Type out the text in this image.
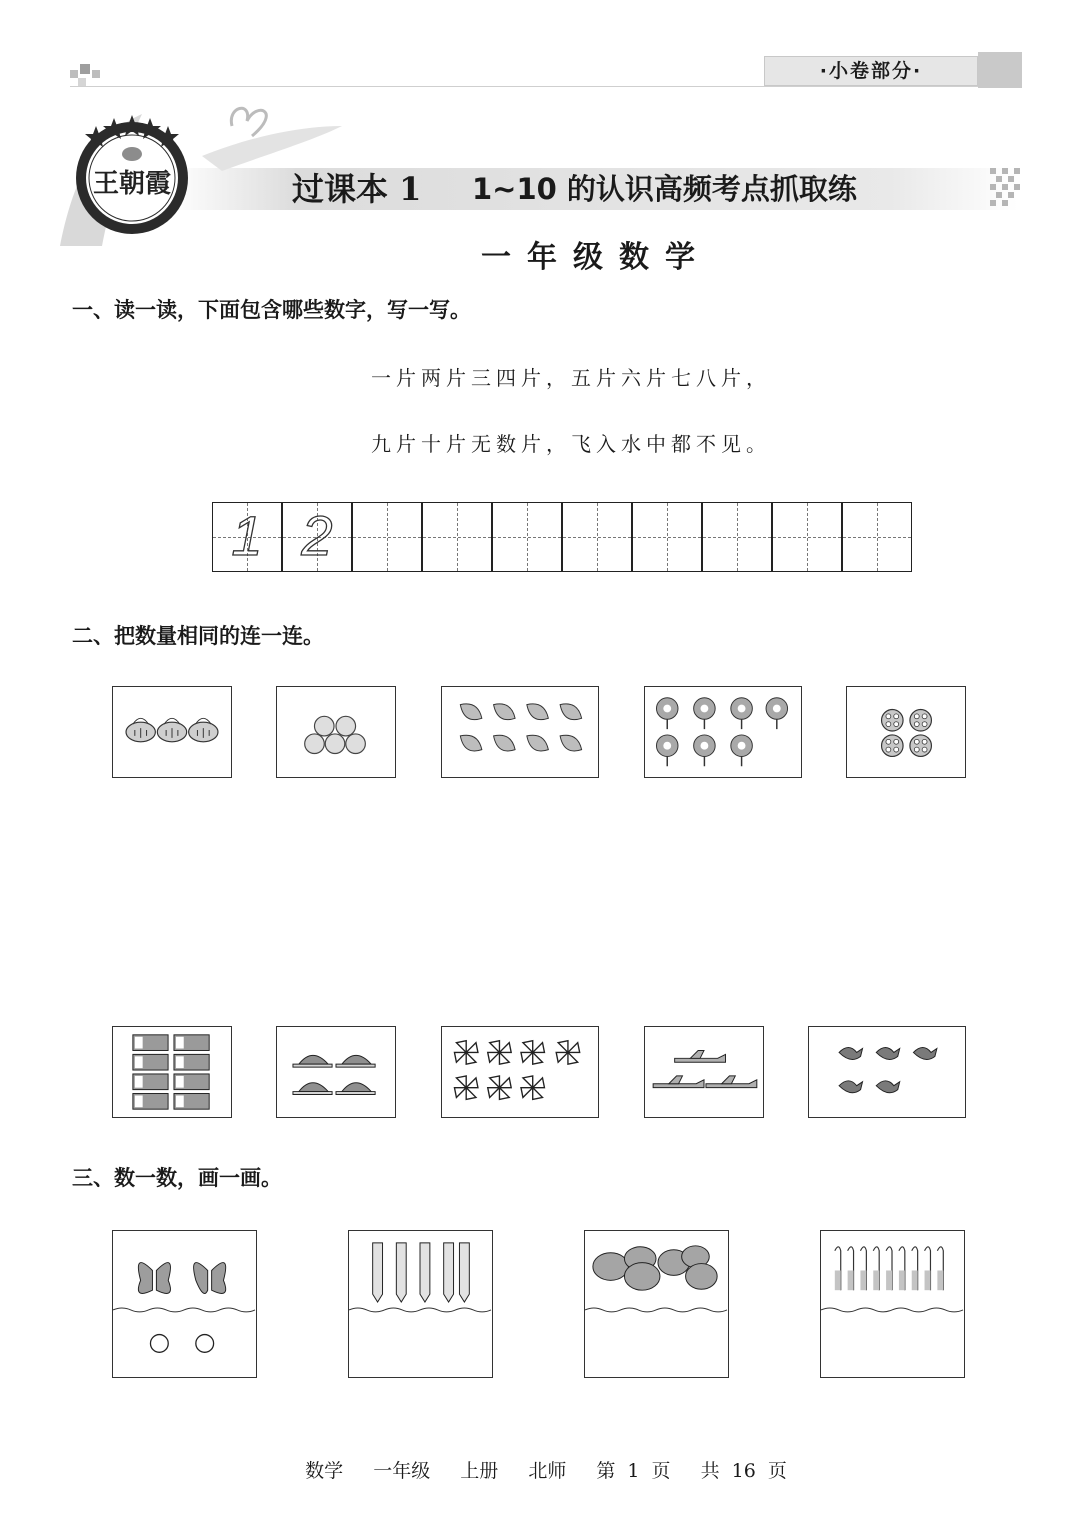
·小卷部分·
王朝霞	过课本 1 1~10 的认识高频考点抓取练
一年级数学
一、读一读，下面包含哪些数字，写一写。
一片两片三四片，五片六片七八片，
九片十片无数片，飞入水中都不见。
1 2
二、把数量相同的连一连。
三、数一数，画一画。
数学 一年级 上册 北师 第 1 页 共 16 页
